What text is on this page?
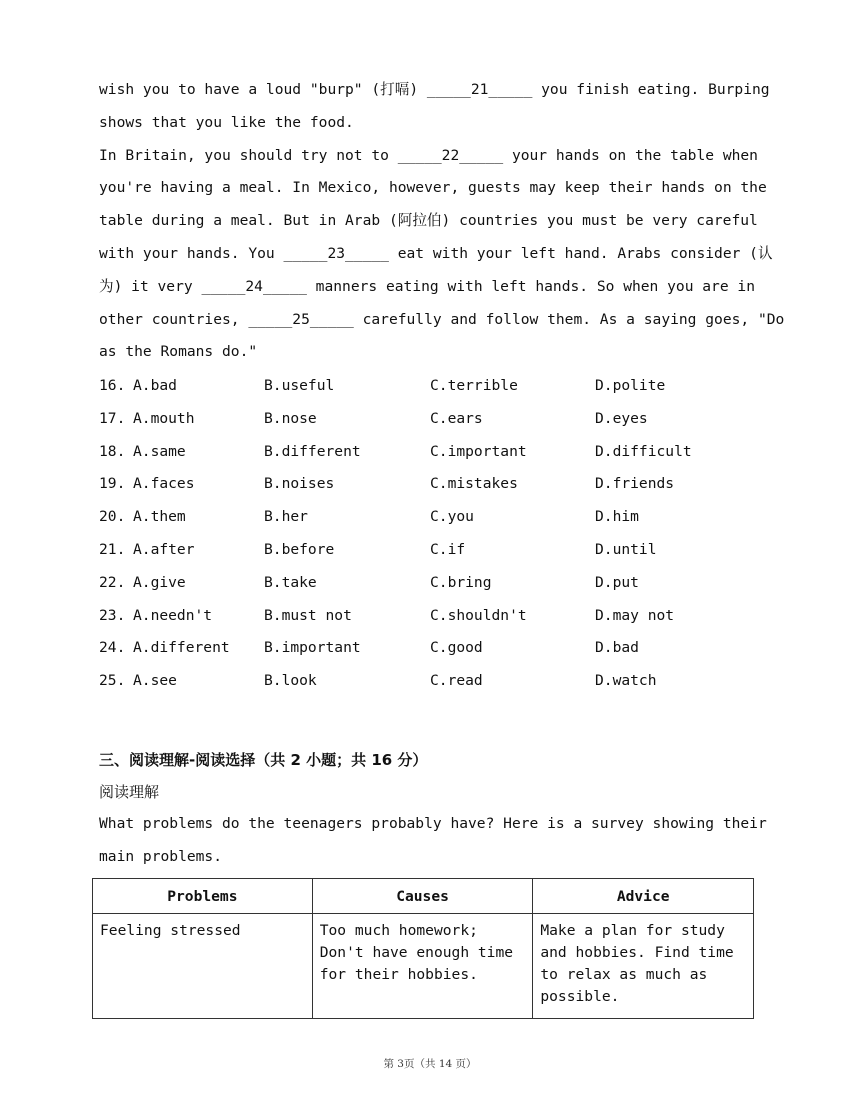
wish you to have a loud "burp" (打嗝) _____21_____ you finish eating. Burping
shows that you like the food.
In Britain, you should try not to _____22_____ your hands on the table when
you're having a meal. In Mexico, however, guests may keep their hands on the
table during a meal. But in Arab (阿拉伯) countries you must be very careful
with your hands. You _____23_____ eat with your left hand. Arabs consider (认
为) it very _____24_____ manners eating with left hands. So when you are in
other countries, _____25_____ carefully and follow them. As a saying goes, "Do
as the Romans do."
16. A.bad	B.useful	C.terrible	D.polite
17. A.mouth	B.nose	C.ears	D.eyes
18. A.same	B.different	C.important	D.difficult
19. A.faces	B.noises	C.mistakes	D.friends
20. A.them	B.her	C.you	D.him
21. A.after	B.before	C.if	D.until
22. A.give	B.take	C.bring	D.put
23. A.needn't	B.must not	C.shouldn't	D.may not
24. A.different B.important	C.good	D.bad
25. A.see	B.look	C.read	D.watch
三、阅读理解-阅读选择（共 2 小题；共 16 分）
阅读理解
What problems do the teenagers probably have? Here is a survey showing their
main problems.
Problems	Causes	Advice
Feeling stressed	Too much homework; Don't have enough time for their hobbies.	Make a plan for study and hobbies. Find time to relax as much as possible.
第 3页（共 14 页）
